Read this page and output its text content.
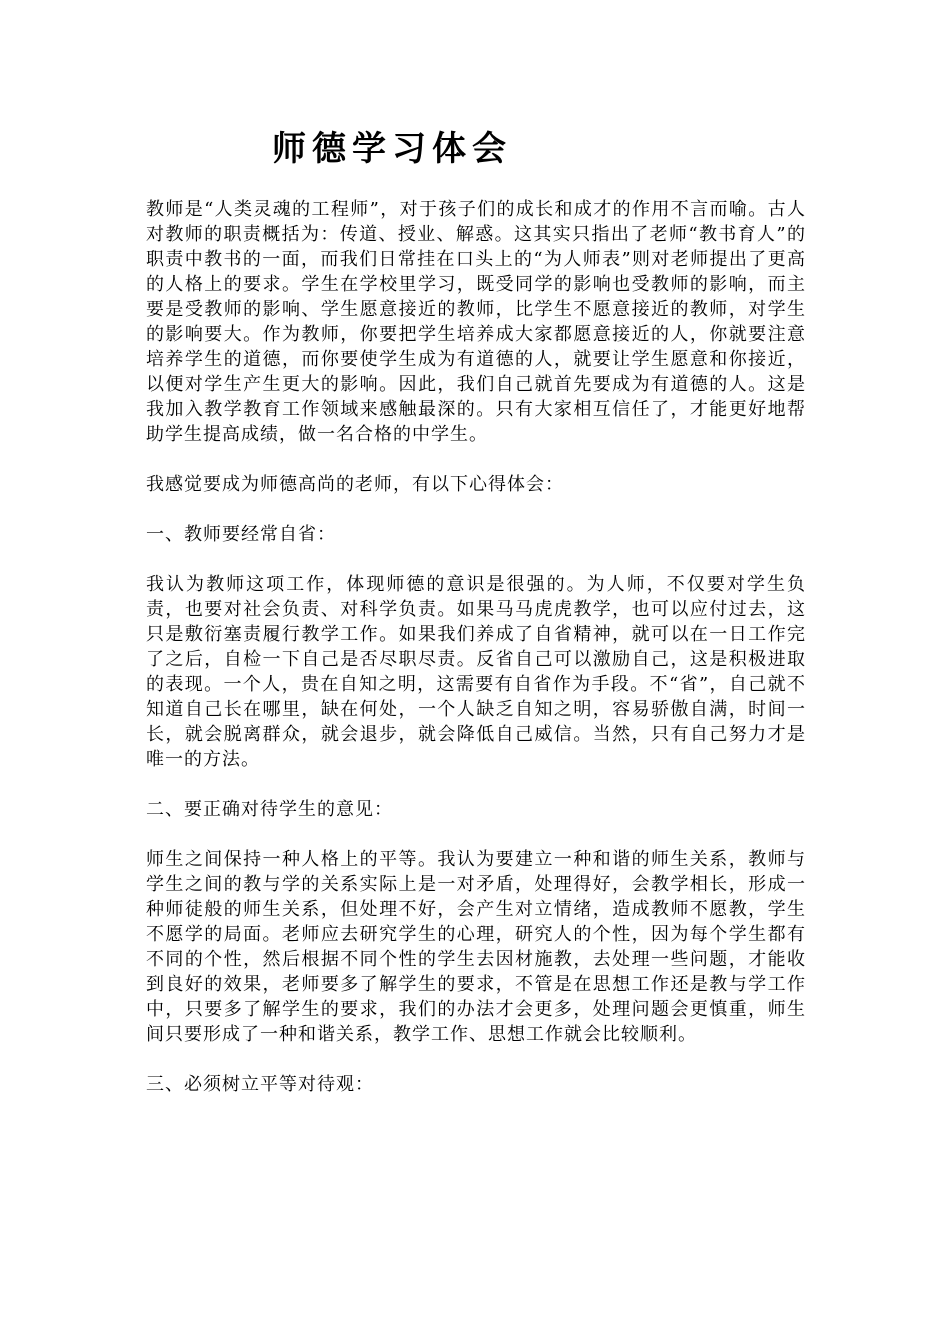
师德学习体会

教师是“人类灵魂的工程师”，对于孩子们的成长和成才的作用不言而喻。古人对教师的职责概括为：传道、授业、解惑。这其实只指出了老师“教书育人”的职责中教书的一面，而我们日常挂在口头上的“为人师表”则对老师提出了更高的人格上的要求。学生在学校里学习，既受同学的影响也受教师的影响，而主要是受教师的影响、学生愿意接近的教师，比学生不愿意接近的教师，对学生的影响要大。作为教师，你要把学生培养成大家都愿意接近的人，你就要注意培养学生的道德，而你要使学生成为有道德的人，就要让学生愿意和你接近，以便对学生产生更大的影响。因此，我们自己就首先要成为有道德的人。这是我加入教学教育工作领域来感触最深的。只有大家相互信任了，才能更好地帮助学生提高成绩，做一名合格的中学生。

我感觉要成为师德高尚的老师，有以下心得体会：

一、教师要经常自省：

我认为教师这项工作，体现师德的意识是很强的。为人师，不仅要对学生负责，也要对社会负责、对科学负责。如果马马虎虎教学，也可以应付过去，这只是敷衍塞责履行教学工作。如果我们养成了自省精神，就可以在一日工作完了之后，自检一下自己是否尽职尽责。反省自己可以激励自己，这是积极进取的表现。一个人，贵在自知之明，这需要有自省作为手段。不“省”，自己就不知道自己长在哪里，缺在何处，一个人缺乏自知之明，容易骄傲自满，时间一长，就会脱离群众，就会退步，就会降低自己威信。当然，只有自己努力才是唯一的方法。

二、要正确对待学生的意见：

师生之间保持一种人格上的平等。我认为要建立一种和谐的师生关系，教师与学生之间的教与学的关系实际上是一对矛盾，处理得好，会教学相长，形成一种师徒般的师生关系，但处理不好，会产生对立情绪，造成教师不愿教，学生不愿学的局面。老师应去研究学生的心理，研究人的个性，因为每个学生都有不同的个性，然后根据不同个性的学生去因材施教，去处理一些问题，才能收到良好的效果，老师要多了解学生的要求，不管是在思想工作还是教与学工作中，只要多了解学生的要求，我们的办法才会更多，处理问题会更慎重，师生间只要形成了一种和谐关系，教学工作、思想工作就会比较顺利。

三、必须树立平等对待观：
